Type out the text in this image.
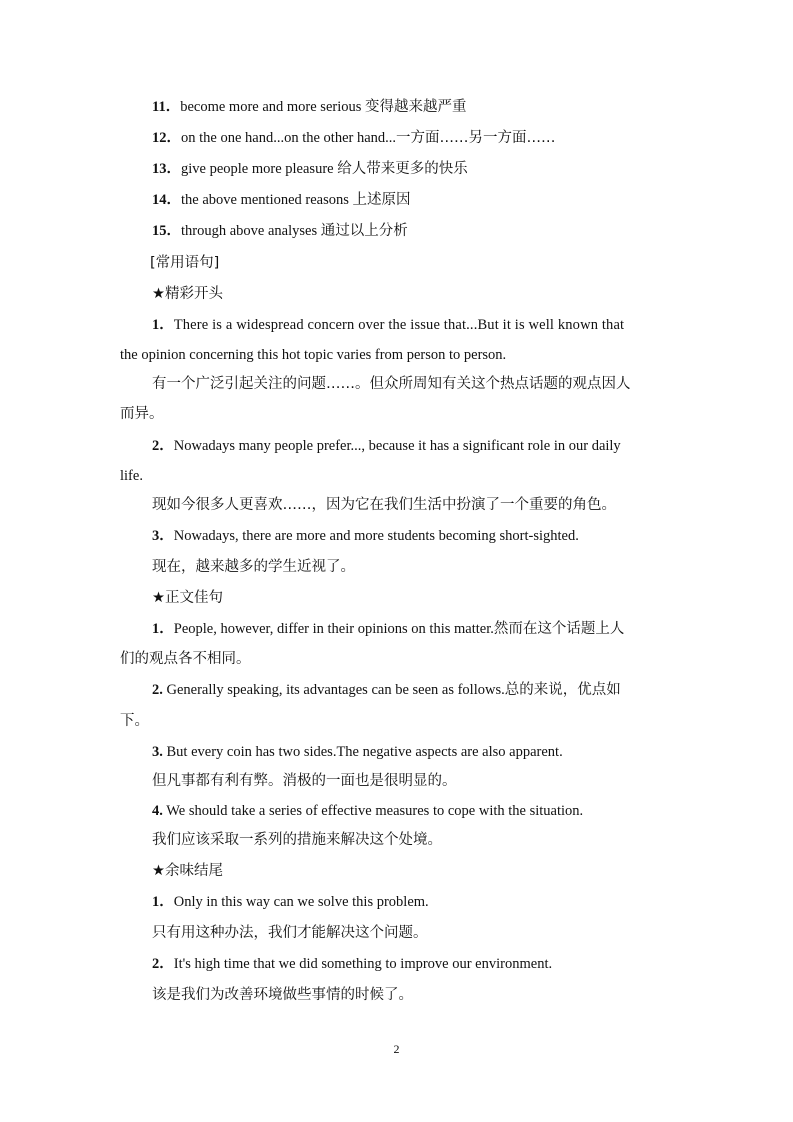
11．become more and more serious 变得越来越严重
12．on the one hand...on the other hand...一方面……另一方面……
13．give people more pleasure 给人带来更多的快乐
14．the above mentioned reasons 上述原因
15．through above analyses 通过以上分析
[常用语句]
★精彩开头
1．There is a widespread concern over the issue that...But it is well known that
the opinion concerning this hot topic varies from person to person.
有一个广泛引起关注的问题……。但众所周知有关这个热点话题的观点因人
而异。
2．Nowadays many people prefer..., because it has a significant role in our daily
life.
现如今很多人更喜欢……，因为它在我们生活中扮演了一个重要的角色。
3．Nowadays, there are more and more students becoming short-sighted.
现在，越来越多的学生近视了。
★正文佳句
1．People, however, differ in their opinions on this matter.然而在这个话题上人
们的观点各不相同。
2. Generally speaking, its advantages can be seen as follows.总的来说，优点如
下。
3. But every coin has two sides.The negative aspects are also apparent.
但凡事都有利有弊。消极的一面也是很明显的。
4. We should take a series of effective measures to cope with the situation.
我们应该采取一系列的措施来解决这个处境。
★余味结尾
1．Only in this way can we solve this problem.
只有用这种办法，我们才能解决这个问题。
2．It's high time that we did something to improve our environment.
该是我们为改善环境做些事情的时候了。
2
